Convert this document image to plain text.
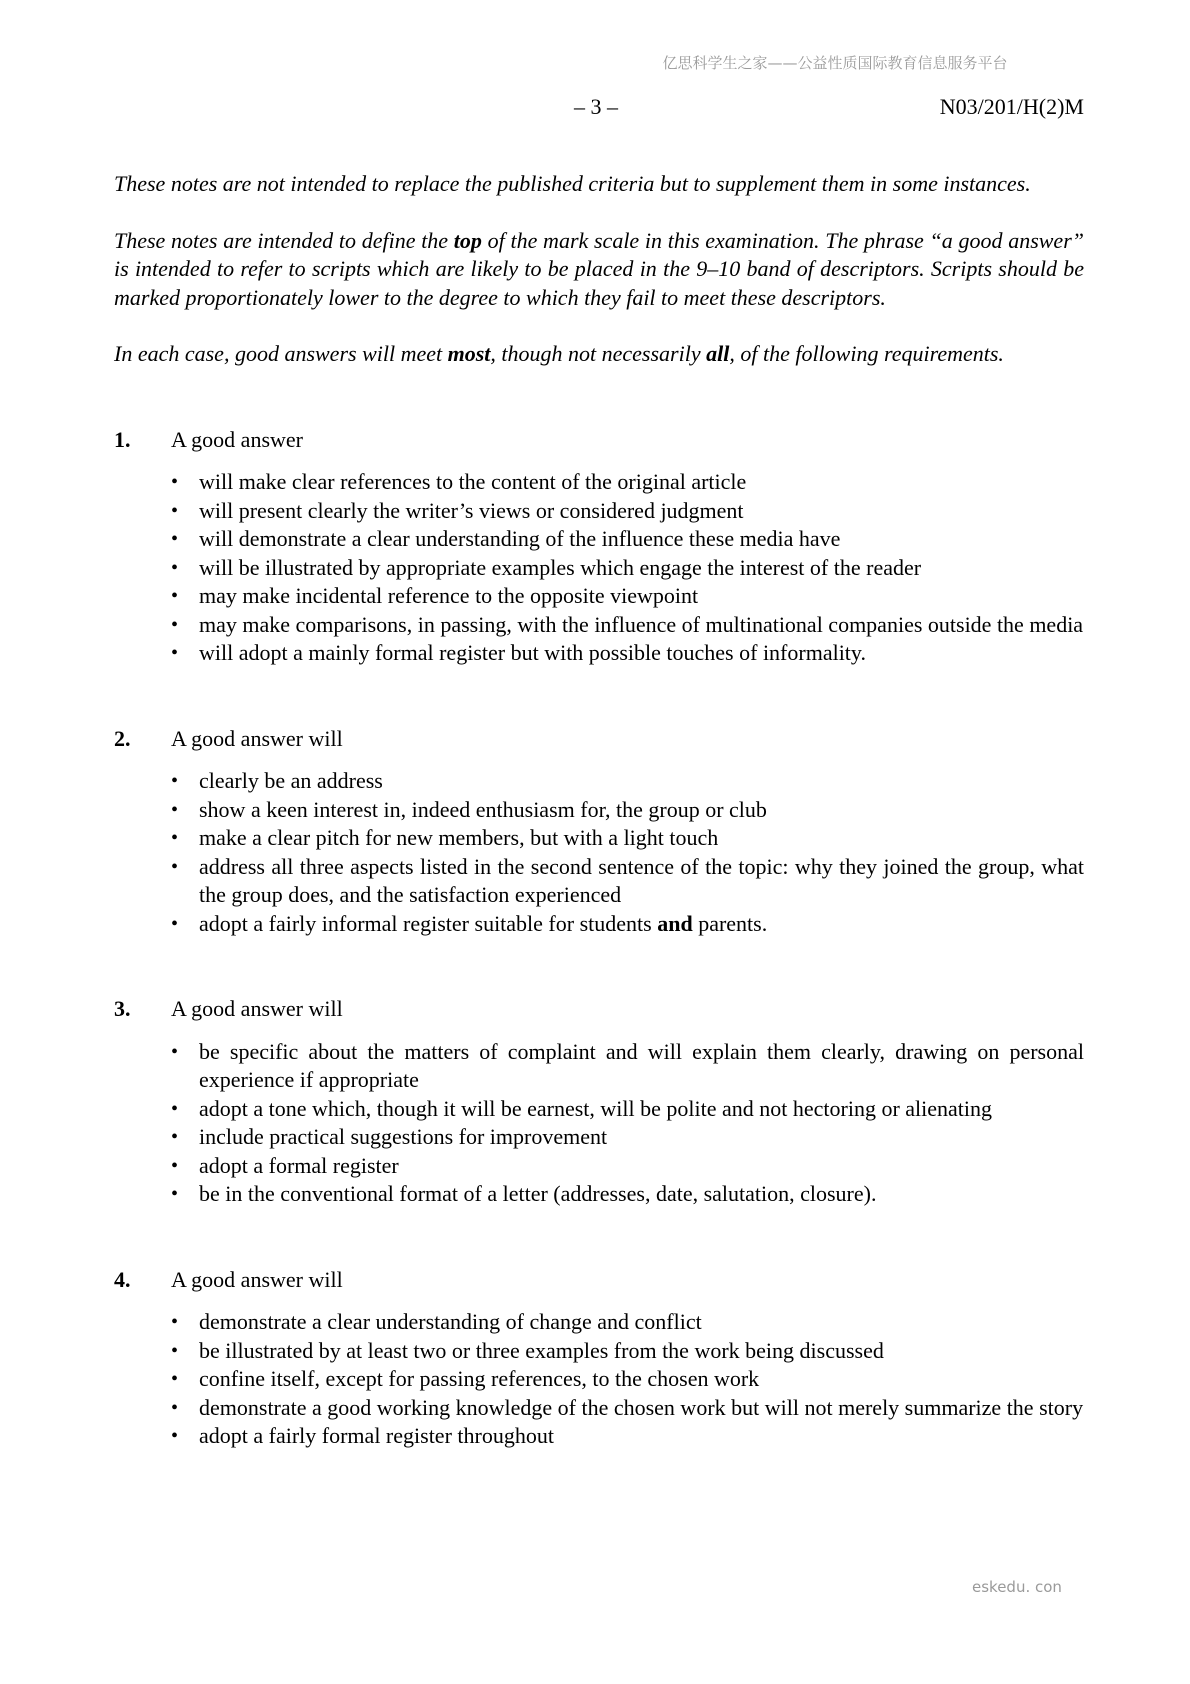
亿思科学生之家——公益性质国际教育信息服务平台
– 3 –	N03/201/H(2)M

These notes are not intended to replace the published criteria but to supplement them in some instances.

These notes are intended to define the top of the mark scale in this examination. The phrase “a good answer” is intended to refer to scripts which are likely to be placed in the 9–10 band of descriptors. Scripts should be marked proportionately lower to the degree to which they fail to meet these descriptors.

In each case, good answers will meet most, though not necessarily all, of the following requirements.

1.	A good answer
• will make clear references to the content of the original article
• will present clearly the writer’s views or considered judgment
• will demonstrate a clear understanding of the influence these media have
• will be illustrated by appropriate examples which engage the interest of the reader
• may make incidental reference to the opposite viewpoint
• may make comparisons, in passing, with the influence of multinational companies outside the media
• will adopt a mainly formal register but with possible touches of informality.
2.	A good answer will
• clearly be an address
• show a keen interest in, indeed enthusiasm for, the group or club
• make a clear pitch for new members, but with a light touch
• address all three aspects listed in the second sentence of the topic: why they joined the group, what the group does, and the satisfaction experienced
• adopt a fairly informal register suitable for students and parents.
3.	A good answer will
• be specific about the matters of complaint and will explain them clearly, drawing on personal experience if appropriate
• adopt a tone which, though it will be earnest, will be polite and not hectoring or alienating
• include practical suggestions for improvement
• adopt a formal register
• be in the conventional format of a letter (addresses, date, salutation, closure).
4.	A good answer will
• demonstrate a clear understanding of change and conflict
• be illustrated by at least two or three examples from the work being discussed
• confine itself, except for passing references, to the chosen work
• demonstrate a good working knowledge of the chosen work but will not merely summarize the story
• adopt a fairly formal register throughout
eskedu. con
